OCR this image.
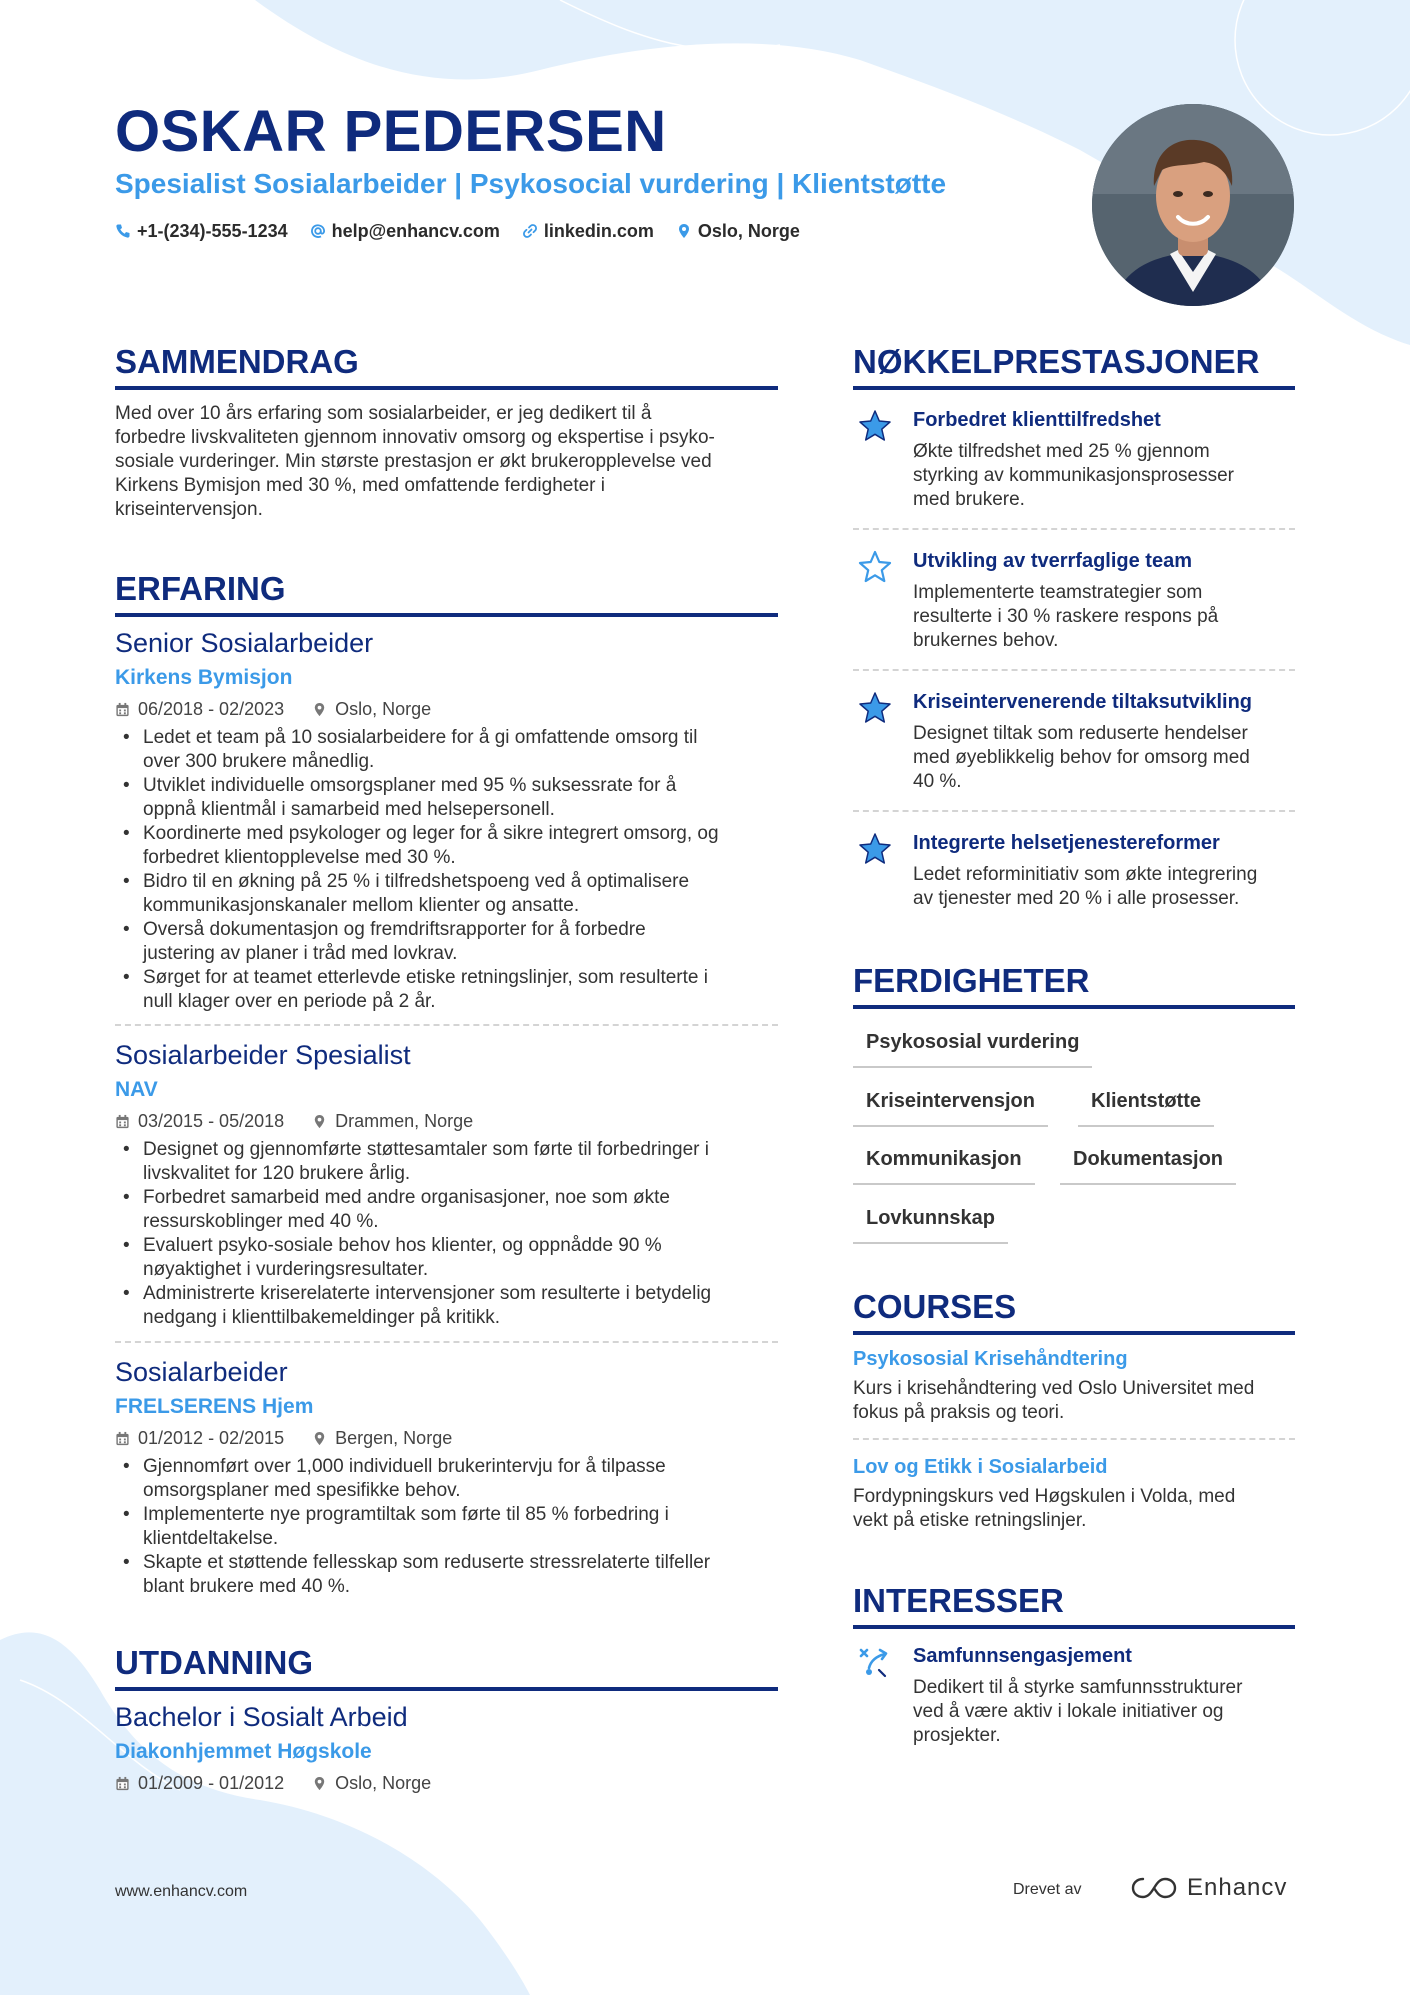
OSKAR PEDERSEN
Spesialist Sosialarbeider | Psykosocial vurdering | Klientstøtte
+1-(234)-555-1234 help@enhancv.com linkedin.com Oslo, Norge
SAMMENDRAG
Med over 10 års erfaring som sosialarbeider, er jeg dedikert til å
forbedre livskvaliteten gjennom innovativ omsorg og ekspertise i psyko-
sosiale vurderinger. Min største prestasjon er økt brukeropplevelse ved
Kirkens Bymisjon med 30 %, med omfattende ferdigheter i
kriseintervensjon.
ERFARING
Senior Sosialarbeider
Kirkens Bymisjon
06/2018 - 02/2023	Oslo, Norge
• Ledet et team på 10 sosialarbeidere for å gi omfattende omsorg til
over 300 brukere månedlig.
• Utviklet individuelle omsorgsplaner med 95 % suksessrate for å
oppnå klientmål i samarbeid med helsepersonell.
• Koordinerte med psykologer og leger for å sikre integrert omsorg, og
forbedret klientopplevelse med 30 %.
• Bidro til en økning på 25 % i tilfredshetspoeng ved å optimalisere
kommunikasjonskanaler mellom klienter og ansatte.
• Overså dokumentasjon og fremdriftsrapporter for å forbedre
justering av planer i tråd med lovkrav.
• Sørget for at teamet etterlevde etiske retningslinjer, som resulterte i
null klager over en periode på 2 år.
Sosialarbeider Spesialist
NAV
03/2015 - 05/2018	Drammen, Norge
• Designet og gjennomførte støttesamtaler som førte til forbedringer i
livskvalitet for 120 brukere årlig.
• Forbedret samarbeid med andre organisasjoner, noe som økte
ressurskoblinger med 40 %.
• Evaluert psyko-sosiale behov hos klienter, og oppnådde 90 %
nøyaktighet i vurderingsresultater.
• Administrerte kriserelaterte intervensjoner som resulterte i betydelig
nedgang i klienttilbakemeldinger på kritikk.
Sosialarbeider
FRELSERENS Hjem
01/2012 - 02/2015	Bergen, Norge
• Gjennomført over 1,000 individuell brukerintervju for å tilpasse
omsorgsplaner med spesifikke behov.
• Implementerte nye programtiltak som førte til 85 % forbedring i
klientdeltakelse.
• Skapte et støttende fellesskap som reduserte stressrelaterte tilfeller
blant brukere med 40 %.
UTDANNING
Bachelor i Sosialt Arbeid
Diakonhjemmet Høgskole
01/2009 - 01/2012	Oslo, Norge
NØKKELPRESTASJONER
Forbedret klienttilfredshet
Økte tilfredshet med 25 % gjennom
styrking av kommunikasjonsprosesser
med brukere.
Utvikling av tverrfaglige team
Implementerte teamstrategier som
resulterte i 30 % raskere respons på
brukernes behov.
Kriseintervenerende tiltaksutvikling
Designet tiltak som reduserte hendelser
med øyeblikkelig behov for omsorg med
40 %.
Integrerte helsetjenestereformer
Ledet reforminitiativ som økte integrering
av tjenester med 20 % i alle prosesser.
FERDIGHETER
Psykososial vurdering
Kriseintervensjon	Klientstøtte
Kommunikasjon	Dokumentasjon
Lovkunnskap
COURSES
Psykososial Krisehåndtering
Kurs i krisehåndtering ved Oslo Universitet med
fokus på praksis og teori.
Lov og Etikk i Sosialarbeid
Fordypningskurs ved Høgskulen i Volda, med
vekt på etiske retningslinjer.
INTERESSER
Samfunnsengasjement
Dedikert til å styrke samfunnsstrukturer
ved å være aktiv i lokale initiativer og
prosjekter.
www.enhancv.com	Drevet av	Enhancv
